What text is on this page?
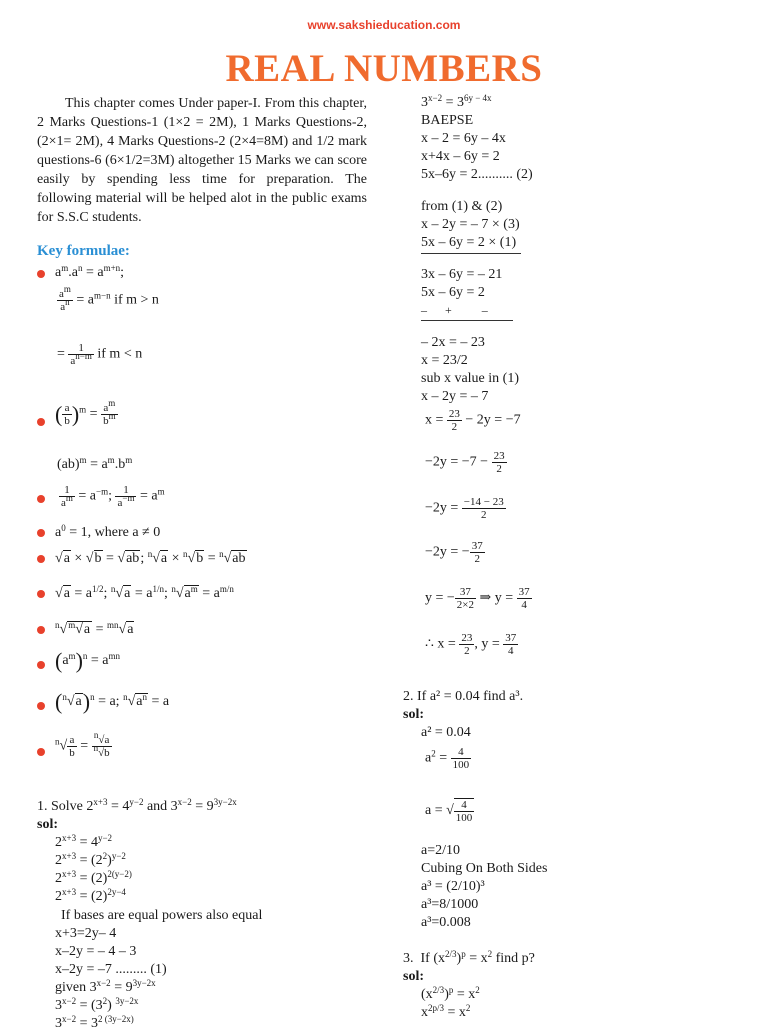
www.sakshieducation.com
REAL NUMBERS

This chapter comes Under paper-I. From this chapter, 2 Marks Questions-1 (1×2 = 2M), 1 Marks Questions-2, (2×1= 2M), 4 Marks Questions-2 (2×4=8M) and 1/2 mark questions-6 (6×1/2=3M) altogether 15 Marks we can score easily by spending less time for preparation. The following material will be helped alot in the public exams for S.S.C students.

Key formulae:
$a^m.a^n = a^{m+n}$;
$\frac{a^m}{a^n} = a^{m-n}$ if m > n
= $\frac{1}{a^{n-m}}$ if m < n
( $\frac{a}{b} )^m = \frac{a^m}{b^m}$
$(ab)^m = a^m.b^m$
$\frac{1}{a^m} = a^{-m}$; $\frac{1}{a^{-m}} = a^m$
$a^0 = 1$, where a ≠ 0
√a × √b = √ab; $^n$√a × $^n$√b = $^n$√ab
$√a = a^{1/2}$; $^n√a = a^{1/n}$; $^n√a^m = a^{m/n}$
$^n$√$^m$√a = $^{mn}$√a
$(a^m)^n = a^{mn}$
$(^n√a)^n = a$; $^n√a^n = a$
$^n√ \frac{a}{b} = \frac{^n√a}{^n√b}$
1. Solve $2^{x+3} = 4^{y-2}$ and $3^{x-2} = 9^{3y-2x}$
sol:
$2^{x+3} = 4^{y-2}$
$2^{x+3} = (2^2)^{y-2}$
$2^{x+3} = (2)^{2(y-2)}$
$2^{x+3} = (2)^{2y-4}$
If bases are equal powers also equal
x+3=2y– 4
x–2y = – 4 – 3
x–2y = –7 ......... (1)
given $3^{x-2} = 9^{3y-2x}$
$3^{x-2} = (3^2)$ $^{3y-2x}$
$3^{x-2} = 3^{2 (3y-2x)}$
$3^{x-2} = 3^{6y - 4x}$
BAEPSE
x – 2 = 6y – 4x
x+4x – 6y = 2
5x–6y = 2.......... (2)
from (1) & (2)
x – 2y = – 7 × (3)
5x – 6y = 2 × (1)
3x – 6y = – 21
5x – 6y = 2
–      +          –
– 2x = – 23
x = 23/2
sub x value in (1)
x – 2y = – 7
$x = \frac{23}{2} - 2y = -7$
$-2y = -7 - \frac{23}{2}$
$-2y = \frac{-14 - 23}{2}$
−2y = − $\frac{37}{2}$
y = − $\frac{37}{2\times 2}$ ⇒ $y = \frac{37}{4}$
∴ $x = \frac{23}{2}$ , $y = \frac{37}{4}$
2. If a² = 0.04 find a³.
sol:
a² = 0.04
$a^2 = \frac{4}{100}$
a = √ $\frac{4}{100}$
a=2/10
Cubing On Both Sides
a³ = (2/10)³
a³=8/1000
a³=0.008
3.  If $(x^{2/3})^p = x^2$ find p?
sol:
$(x^{2/3})^p = x^2$
$x^{2p/3} = x^2$
